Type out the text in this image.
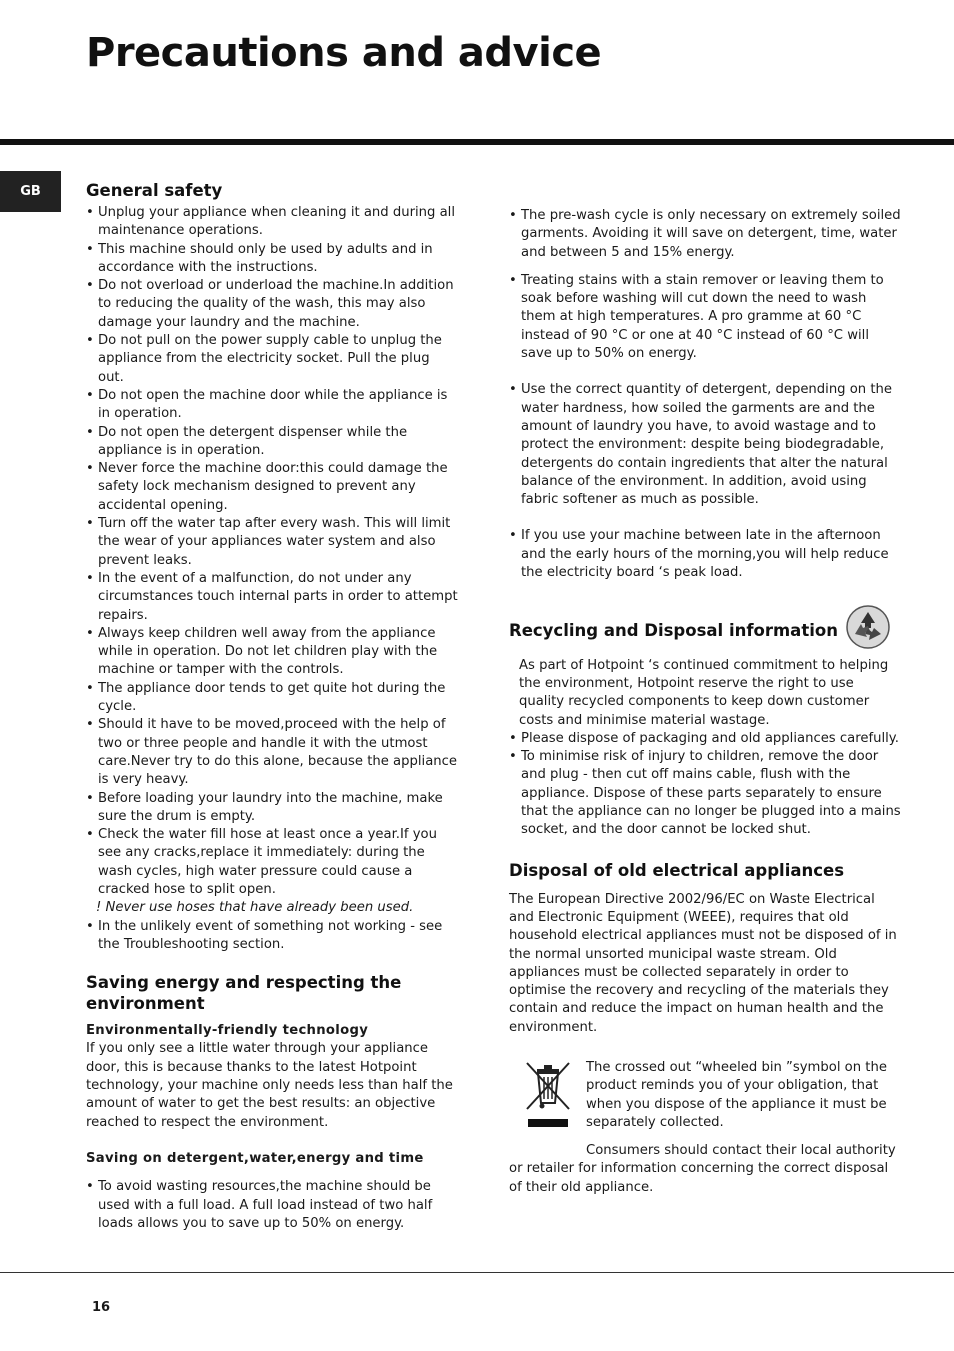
Precautions and advice
GB	General safety
• Unplug your appliance when cleaning it and during all maintenance operations.
• This machine should only be used by adults and in accordance with the instructions.
• Do not overload or underload the machine.In addition to reducing the quality of the wash, this may also damage your laundry and the machine.
• Do not pull on the power supply cable to unplug the appliance from the electricity socket. Pull the plug out.
• Do not open the machine door while the appliance is in operation.
• Do not open the detergent dispenser while the appliance is in operation.
• Never force the machine door:this could damage the safety lock mechanism designed to prevent any accidental opening.
• Turn off the water tap after every wash. This will limit the wear of your appliances water system and also prevent leaks.
• In the event of a malfunction, do not under any circumstances touch internal parts in order to attempt repairs.
• Always keep children well away from the appliance while in operation. Do not let children play with the machine or tamper with the controls.
• The appliance door tends to get quite hot during the cycle.
• Should it have to be moved,proceed with the help of two or three people and handle it with the utmost care.Never try to do this alone, because the appliance is very heavy.
• Before loading your laundry into the machine, make sure the drum is empty.
• Check the water fill hose at least once a year.If you see any cracks,replace it immediately: during the wash cycles, high water pressure could cause a cracked hose to split open.

! Never use hoses that have already been used.

• In the unlikely event of something not working - see the Troubleshooting section.
Saving energy and respecting the environment
Environmentally-friendly technology

If you only see a little water through your appliance door, this is because thanks to the latest Hotpoint technology, your machine only needs less than half the amount of water to get the best results: an objective reached to respect the environment.

Saving on detergent,water,energy and time
• To avoid wasting resources,the machine should be used with a full load. A full load instead of two half loads allows you to save up to 50% on energy.
• The pre-wash cycle is only necessary on extremely soiled garments. Avoiding it will save on detergent, time, water and between 5 and 15% energy.
• Treating stains with a stain remover or leaving them to soak before washing will cut down the need to wash them at high temperatures. A pro gramme at 60 °C instead of 90 °C or one at 40 °C instead of 60 °C will save up to 50% on energy.
• Use the correct quantity of detergent, depending on the water hardness, how soiled the garments are and the amount of laundry you have, to avoid wastage and to protect the environment: despite being biodegradable, detergents do contain ingredients that alter the natural balance of the environment. In addition, avoid using fabric softener as much as possible.
• If you use your machine between late in the afternoon and the early hours of the morning,you will help reduce the electricity board ‘s peak load.
Recycling and Disposal information

As part of Hotpoint ‘s continued commitment to helping the environment, Hotpoint reserve the right to use quality recycled components to keep down customer costs and minimise material wastage.

• Please dispose of packaging and old appliances carefully.
• To minimise risk of injury to children, remove the door and plug - then cut off mains cable, flush with the appliance. Dispose of these parts separately to ensure that the appliance can no longer be plugged into a mains socket, and the door cannot be locked shut.
Disposal of old electrical appliances

The European Directive 2002/96/EC on Waste Electrical and Electronic Equipment (WEEE), requires that old household electrical appliances must not be disposed of in the normal unsorted municipal waste stream. Old appliances must be collected separately in order to optimise the recovery and recycling of the materials they contain and reduce the impact on human health and the environment.

The crossed out “wheeled bin ”symbol on the product reminds you of your obligation, that when you dispose of the appliance it must be separately collected.

Consumers should contact their local authority or retailer for information concerning the correct disposal of their old appliance.

16
